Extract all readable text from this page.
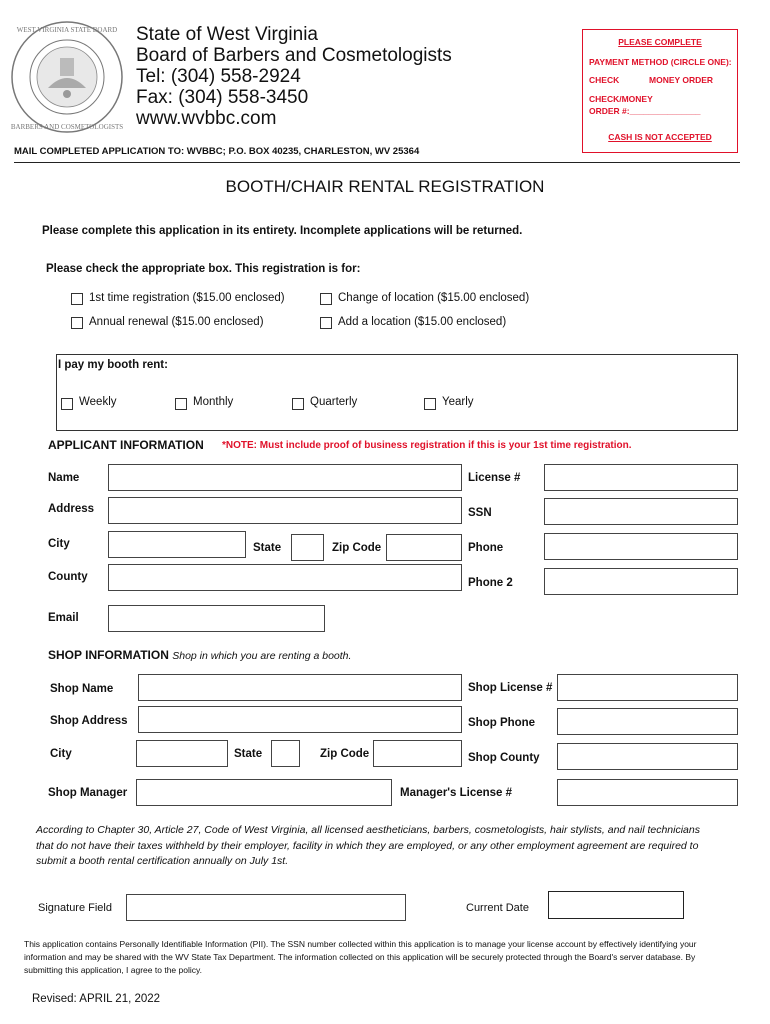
WEST VIRGINIA STATE BOARD
BARBERS AND COSMETOLOGISTS
State of West Virginia
Board of Barbers and Cosmetologists
Tel: (304) 558-2924
Fax: (304) 558-3450
www.wvbbc.com
MAIL COMPLETED APPLICATION TO: WVBBC; P.O. BOX 40235, CHARLESTON, WV 25364
PLEASE COMPLETE
PAYMENT METHOD (CIRCLE ONE):
CHECK	MONEY ORDER
CHECK/MONEY
ORDER #:_______________
CASH IS NOT ACCEPTED
BOOTH/CHAIR RENTAL REGISTRATION
Please complete this application in its entirety. Incomplete applications will be returned.
Please check the appropriate box. This registration is for:
1st time registration ($15.00 enclosed)	Change of location ($15.00 enclosed)
Annual renewal ($15.00 enclosed)	Add a location ($15.00 enclosed)
I pay my booth rent:
Weekly	Monthly	Quarterly	Yearly
APPLICANT INFORMATION *NOTE: Must include proof of business registration if this is your 1st time registration.
Name	License #
Address	SSN
City	State	Zip Code	Phone
County	Phone 2
Email
SHOP INFORMATION Shop in which you are renting a booth.
Shop Name	Shop License #
Shop Address	Shop Phone
City	State	Zip Code	Shop County
Shop Manager	Manager's License #
According to Chapter 30, Article 27, Code of West Virginia, all licensed aestheticians, barbers, cosmetologists, hair stylists, and nail technicians that do not have their taxes withheld by their employer, facility in which they are employed, or any other employment agreement are required to submit a booth rental certification annually on July 1st.
Signature Field	Current Date
This application contains Personally Identifiable Information (PII). The SSN number collected within this application is to manage your license account by effectively identifying your information and may be shared with the WV State Tax Department. The information collected on this application will be securely protected through the Board's server database. By submitting this application, I agree to the policy.
Revised: APRIL 21, 2022
